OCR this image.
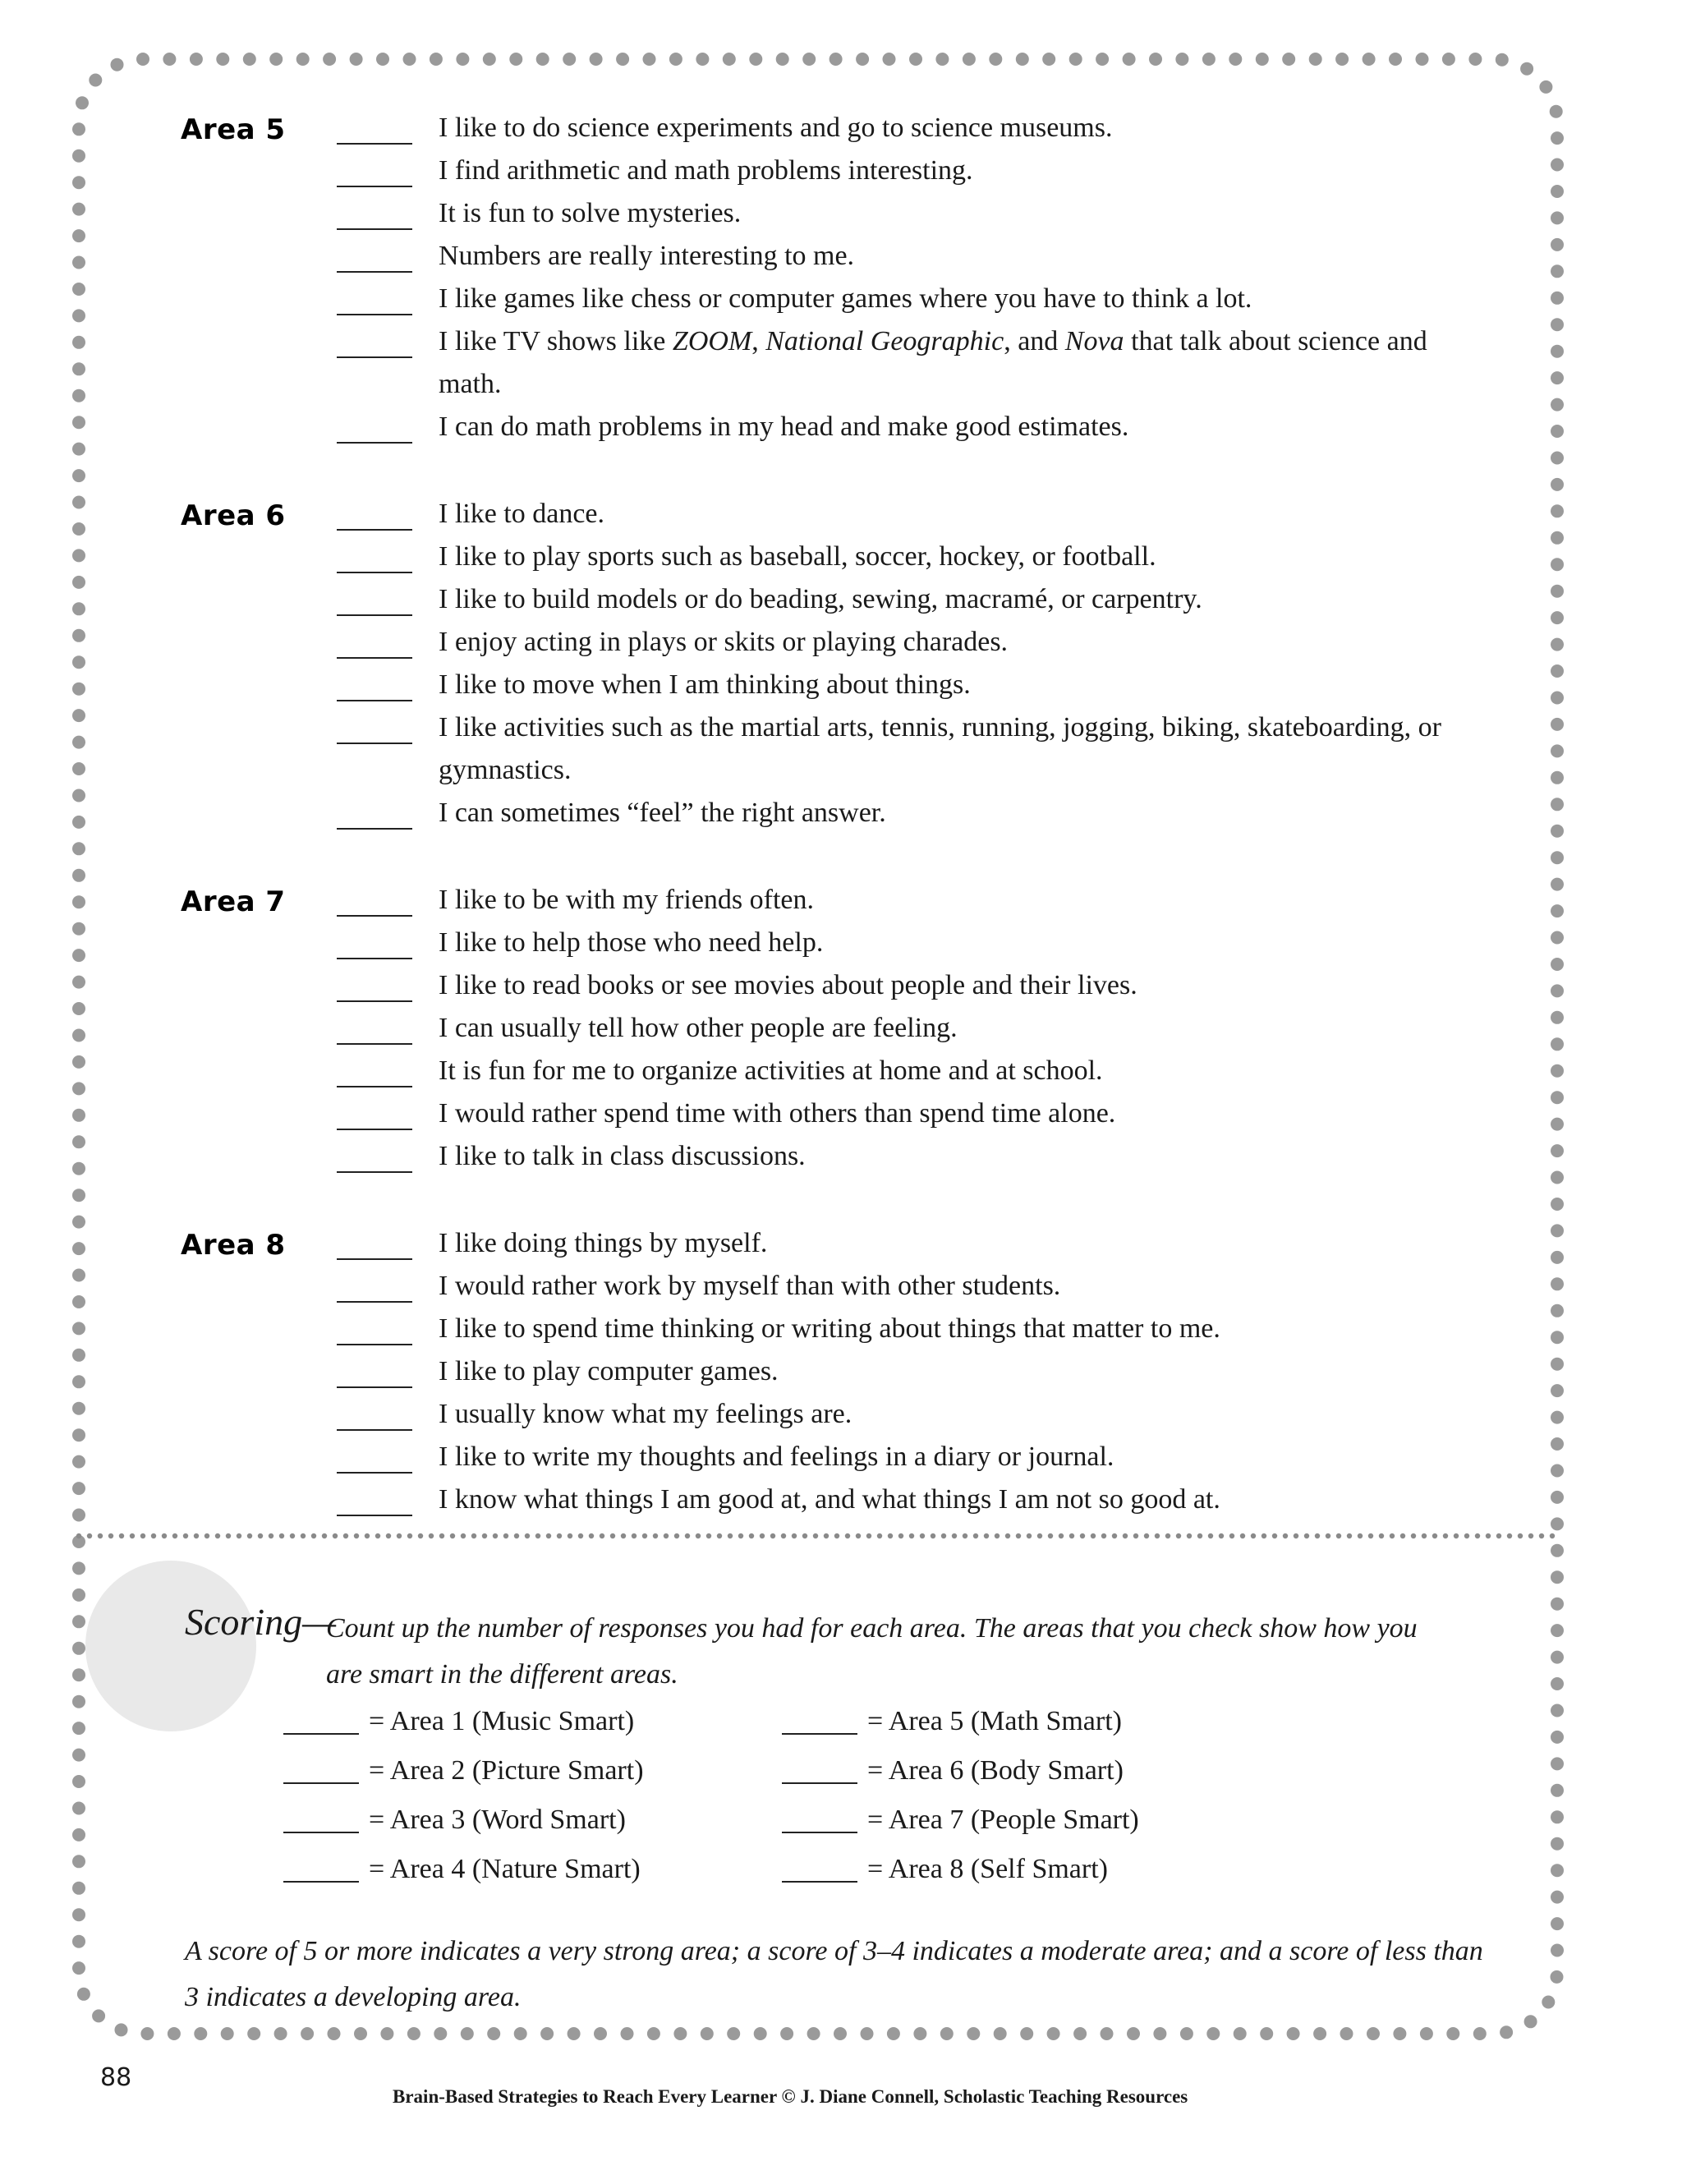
Area 5	I like to do science experiments and go to science museums.
I find arithmetic and math problems interesting.
It is fun to solve mysteries.
Numbers are really interesting to me.
I like games like chess or computer games where you have to think a lot.
I like TV shows like ZOOM, National Geographic, and Nova that talk about science and math.
I can do math problems in my head and make good estimates.
Area 6	I like to dance.
I like to play sports such as baseball, soccer, hockey, or football.
I like to build models or do beading, sewing, macramé, or carpentry.
I enjoy acting in plays or skits or playing charades.
I like to move when I am thinking about things.
I like activities such as the martial arts, tennis, running, jogging, biking, skateboarding, or gymnastics.
I can sometimes “feel” the right answer.
Area 7	I like to be with my friends often.
I like to help those who need help.
I like to read books or see movies about people and their lives.
I can usually tell how other people are feeling.
It is fun for me to organize activities at home and at school.
I would rather spend time with others than spend time alone.
I like to talk in class discussions.
Area 8	I like doing things by myself.
I would rather work by myself than with other students.
I like to spend time thinking or writing about things that matter to me.
I like to play computer games.
I usually know what my feelings are.
I like to write my thoughts and feelings in a diary or journal.
I know what things I am good at, and what things I am not so good at.
Scoring—
Count up the number of responses you had for each area. The areas that you check show how you
are smart in the different areas.
= Area 1 (Music Smart)
= Area 2 (Picture Smart)
= Area 3 (Word Smart)
= Area 4 (Nature Smart)
= Area 5 (Math Smart)
= Area 6 (Body Smart)
= Area 7 (People Smart)
= Area 8 (Self Smart)
A score of 5 or more indicates a very strong area; a score of 3–4 indicates a moderate area; and a score of less than 3 indicates a developing area.
88
Brain-Based Strategies to Reach Every Learner © J. Diane Connell, Scholastic Teaching Resources
